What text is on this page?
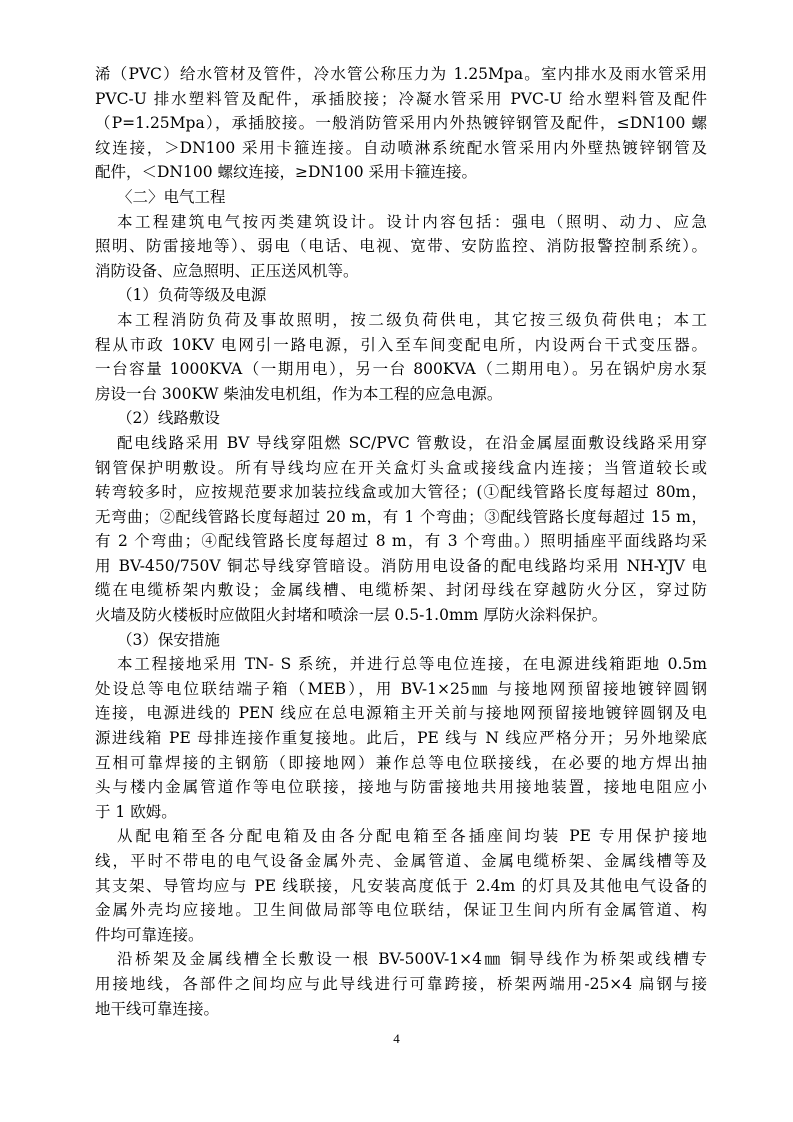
浠（PVC）给水管材及管件，冷水管公称压力为 1.25Mpa。室内排水及雨水管采用
PVC-U 排水塑料管及配件，承插胶接；冷凝水管采用 PVC-U 给水塑料管及配件
（P=1.25Mpa），承插胶接。一般消防管采用内外热镀锌钢管及配件，≤DN100 螺
纹连接，＞DN100 采用卡箍连接。自动喷淋系统配水管采用内外壁热镀锌钢管及
配件，＜DN100 螺纹连接，≥DN100 采用卡箍连接。
〈二〉电气工程
本工程建筑电气按丙类建筑设计。设计内容包括：强电（照明、动力、应急
照明、防雷接地等）、弱电（电话、电视、宽带、安防监控、消防报警控制系统）。
消防设备、应急照明、正压送风机等。
（1）负荷等级及电源
本工程消防负荷及事故照明，按二级负荷供电，其它按三级负荷供电；本工
程从市政 10KV 电网引一路电源，引入至车间变配电所，内设两台干式变压器。
一台容量 1000KVA（一期用电），另一台 800KVA（二期用电）。另在锅炉房水泵
房设一台 300KW 柴油发电机组，作为本工程的应急电源。
（2）线路敷设
配电线路采用 BV 导线穿阻燃 SC/PVC 管敷设，在沿金属屋面敷设线路采用穿
钢管保护明敷设。所有导线均应在开关盒灯头盒或接线盒内连接；当管道较长或
转弯较多时，应按规范要求加装拉线盒或加大管径；(①配线管路长度每超过 80m，
无弯曲；②配线管路长度每超过 20 m，有 1 个弯曲；③配线管路长度每超过 15 m，
有 2 个弯曲；④配线管路长度每超过 8 m，有 3 个弯曲。）照明插座平面线路均采
用 BV-450/750V 铜芯导线穿管暗设。消防用电设备的配电线路均采用 NH-YJV 电
缆在电缆桥架内敷设；金属线槽、电缆桥架、封闭母线在穿越防火分区，穿过防
火墙及防火楼板时应做阻火封堵和喷涂一层 0.5-1.0mm 厚防火涂料保护。
（3）保安措施
本工程接地采用 TN- S 系统，并进行总等电位连接，在电源进线箱距地 0.5m
处设总等电位联结端子箱（MEB），用 BV-1×25㎜ 与接地网预留接地镀锌圆钢
连接，电源进线的 PEN 线应在总电源箱主开关前与接地网预留接地镀锌圆钢及电
源进线箱 PE 母排连接作重复接地。此后，PE 线与 N 线应严格分开；另外地梁底
互相可靠焊接的主钢筋（即接地网）兼作总等电位联接线，在必要的地方焊出抽
头与楼内金属管道作等电位联接，接地与防雷接地共用接地装置，接地电阻应小
于 1 欧姆。
从配电箱至各分配电箱及由各分配电箱至各插座间均装 PE 专用保护接地
线，平时不带电的电气设备金属外壳、金属管道、金属电缆桥架、金属线槽等及
其支架、导管均应与 PE 线联接，凡安装高度低于 2.4m 的灯具及其他电气设备的
金属外壳均应接地。卫生间做局部等电位联结，保证卫生间内所有金属管道、构
件均可靠连接。
沿桥架及金属线槽全长敷设一根 BV-500V-1×4㎜ 铜导线作为桥架或线槽专
用接地线，各部件之间均应与此导线进行可靠跨接，桥架两端用-25×4 扁钢与接
地干线可靠连接。
4
